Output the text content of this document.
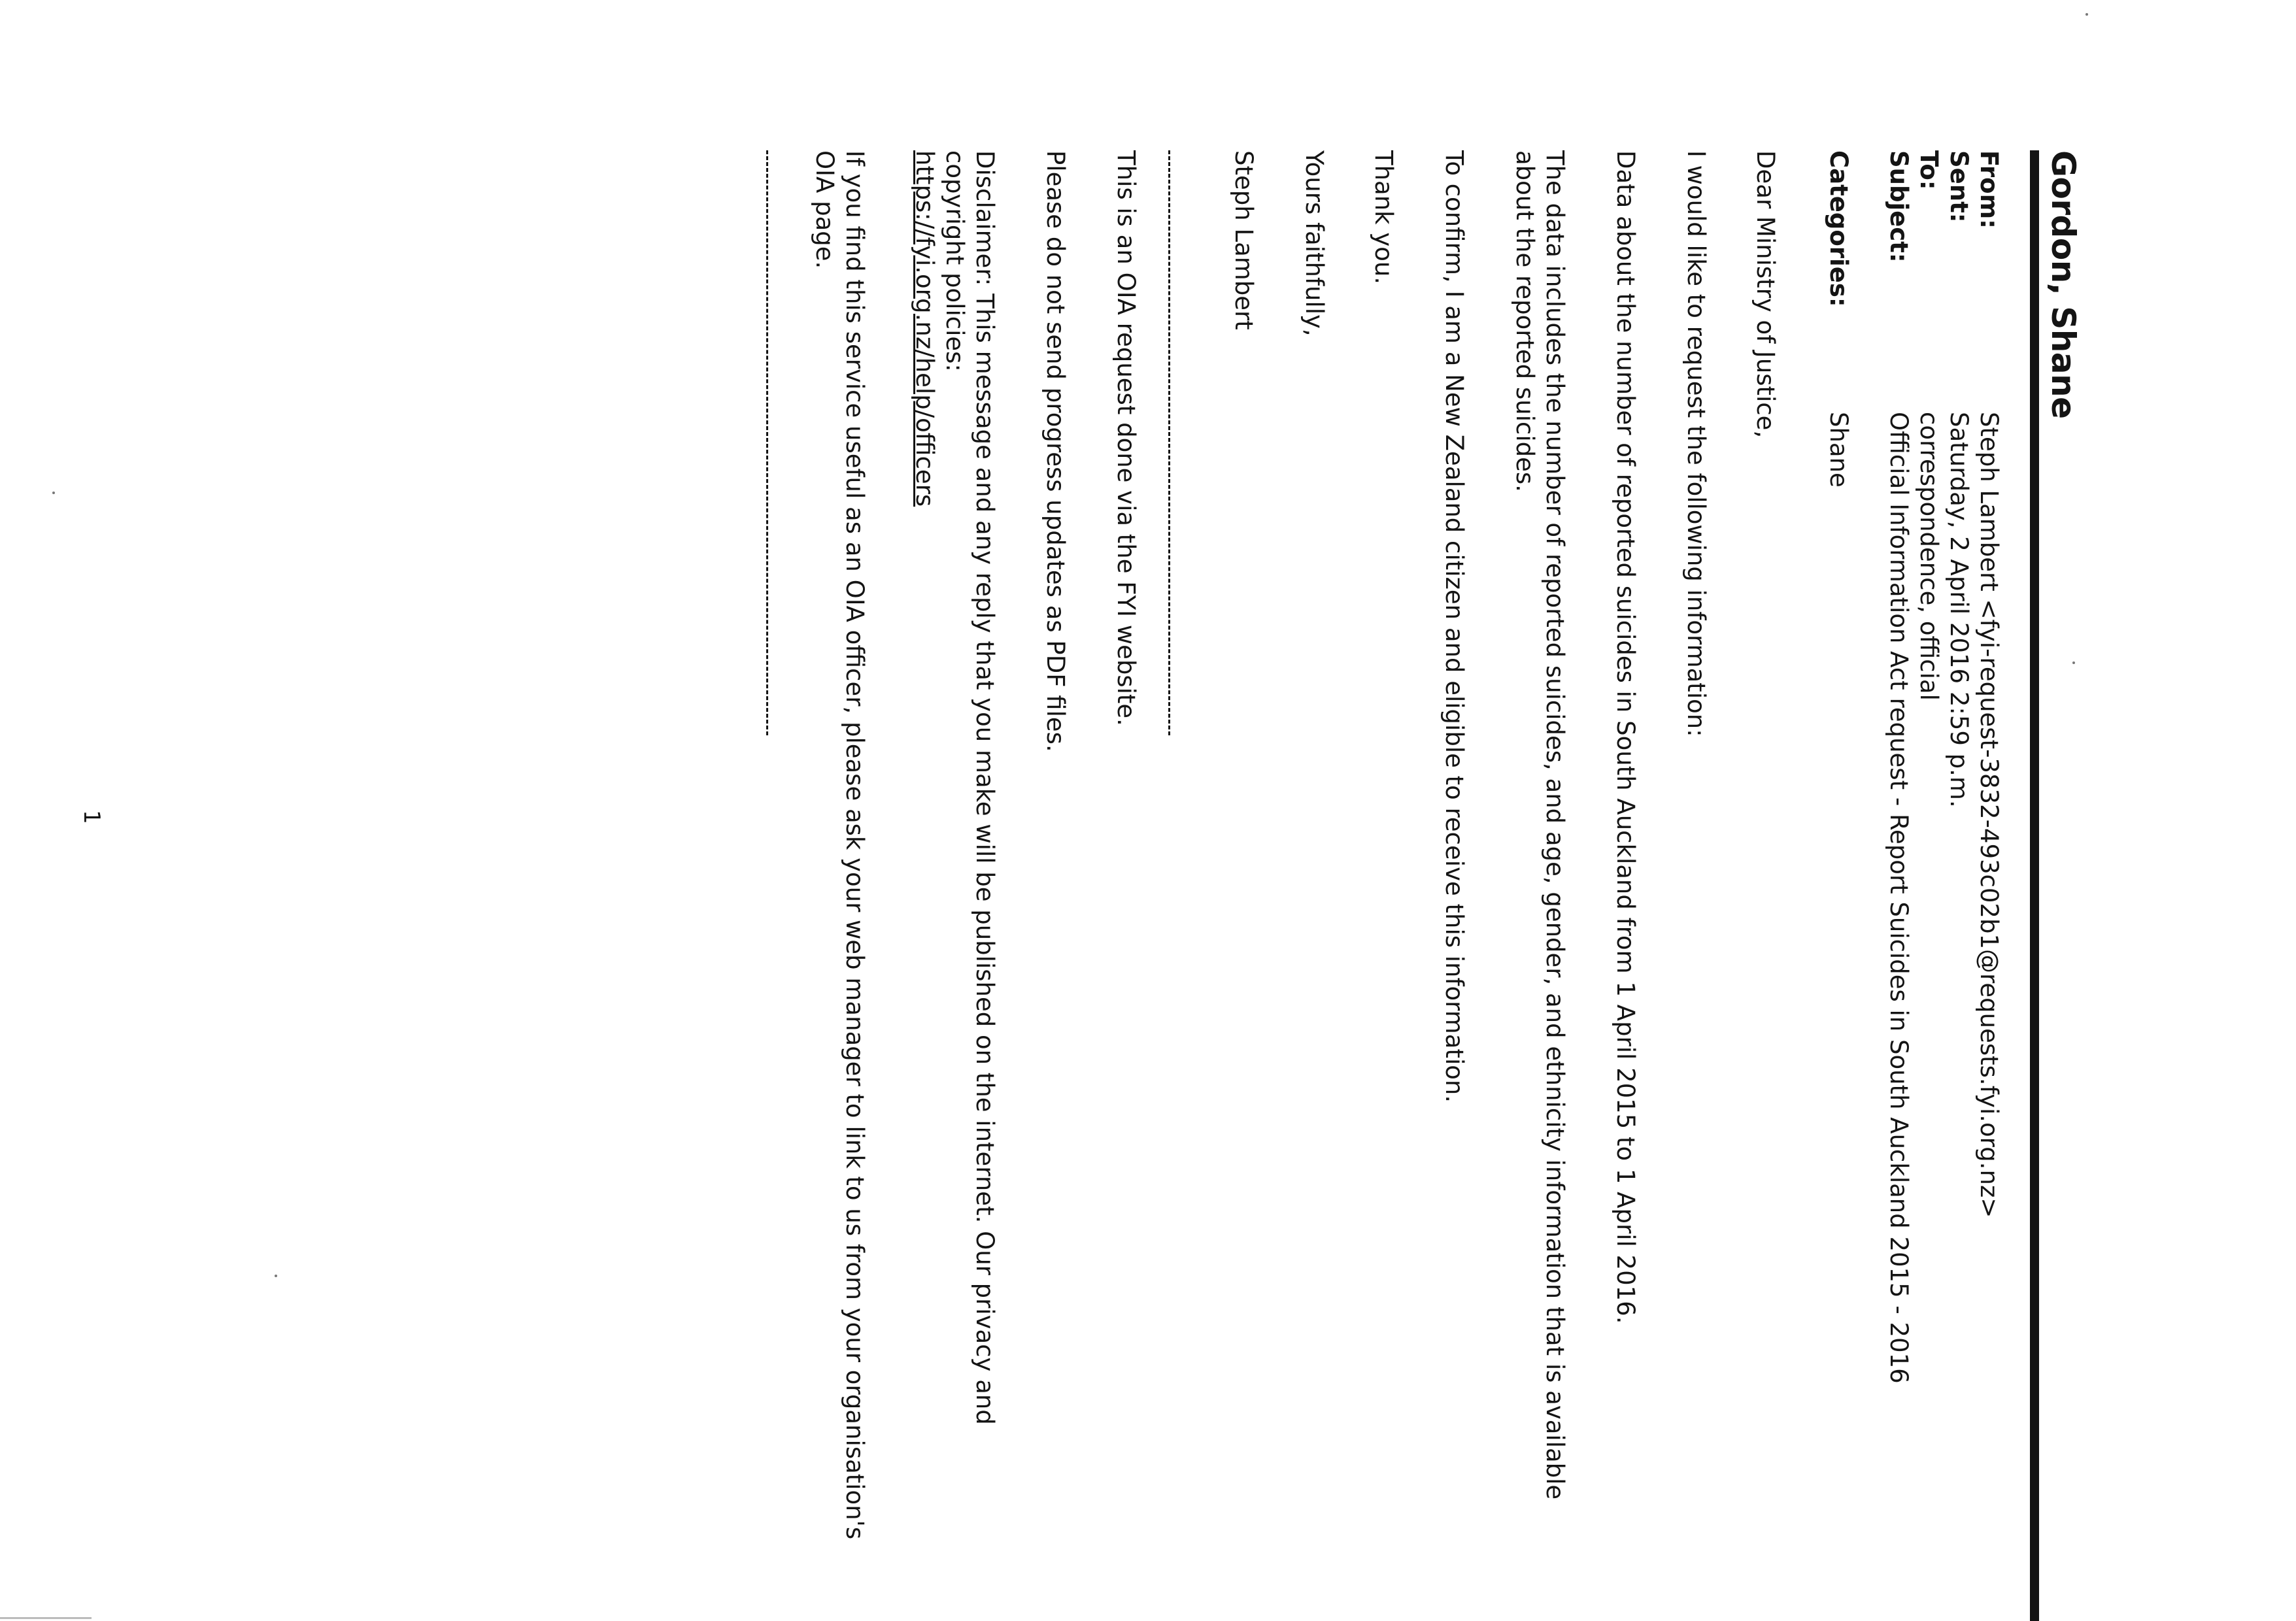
Gordon, Shane
From:
Steph Lambert <fyi-request-3832-493c02b1@requests.fyi.org.nz>
Sent:
Saturday, 2 April 2016 2:59 p.m.
To:
correspondence, official
Subject:
Official Information Act request - Report Suicides in South Auckland 2015 - 2016
Categories:
Shane
Dear Ministry of Justice,
I would like to request the following information:
Data about the number of reported suicides in South Auckland from 1 April 2015 to 1 April 2016.
The data includes the number of reported suicides, and age, gender, and ethnicity information that is available about the reported suicides.
To confirm, I am a New Zealand citizen and eligible to receive this information.
Thank you.
Yours faithfully,
Steph Lambert
This is an OIA request done via the FYI website.
Please do not send progress updates as PDF files.
Disclaimer: This message and any reply that you make will be published on the internet. Our privacy and copyright policies:
https://fyi.org.nz/help/officers
If you find this service useful as an OIA officer, please ask your web manager to link to us from your organisation's OIA page.
1
